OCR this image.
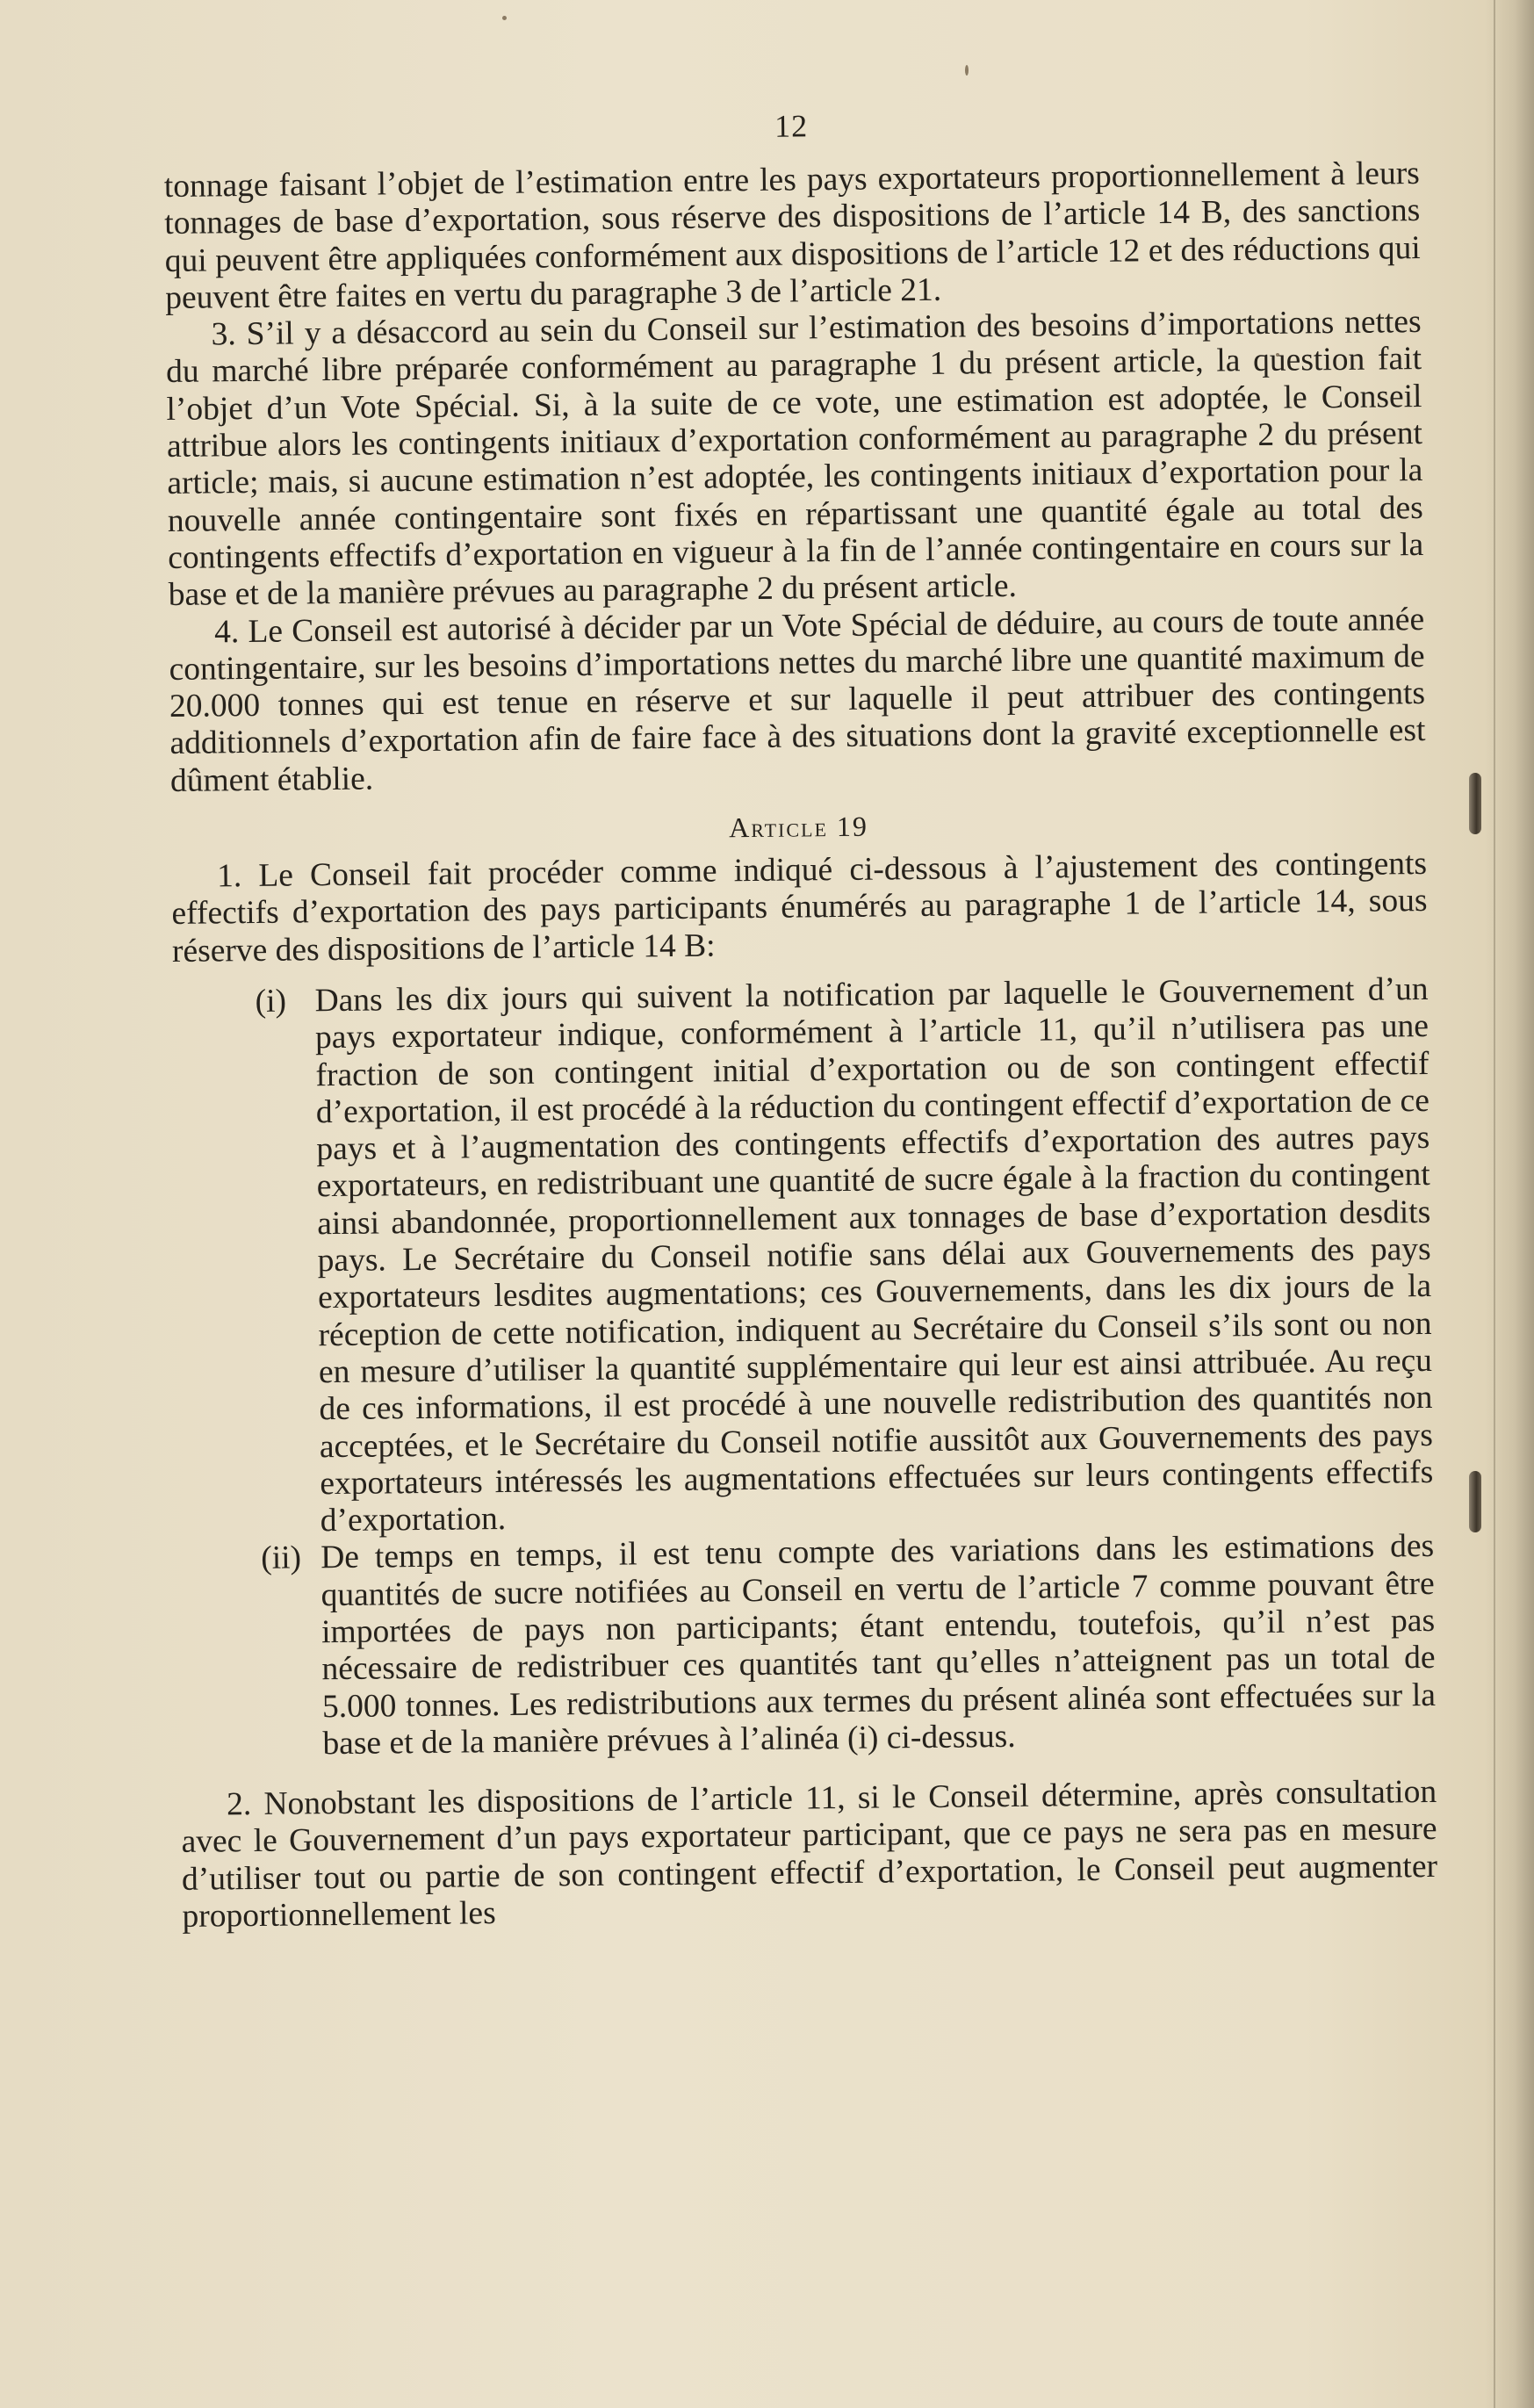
12

tonnage faisant l’objet de l’estimation entre les pays exportateurs proportionnellement à leurs tonnages de base d’exportation, sous réserve des dispositions de l’article 14 B, des sanctions qui peuvent être appliquées conformément aux dispositions de l’article 12 et des réductions qui peuvent être faites en vertu du paragraphe 3 de l’article 21.

3. S’il y a désaccord au sein du Conseil sur l’estimation des besoins d’importations nettes du marché libre préparée conformément au paragraphe 1 du présent article, la question fait l’objet d’un Vote Spécial. Si, à la suite de ce vote, une estimation est adoptée, le Conseil attribue alors les contingents initiaux d’exportation conformément au paragraphe 2 du présent article; mais, si aucune estimation n’est adoptée, les contingents initiaux d’exportation pour la nouvelle année contingentaire sont fixés en répartissant une quantité égale au total des contingents effectifs d’exportation en vigueur à la fin de l’année contingentaire en cours sur la base et de la manière prévues au paragraphe 2 du présent article.

4. Le Conseil est autorisé à décider par un Vote Spécial de déduire, au cours de toute année contingentaire, sur les besoins d’importations nettes du marché libre une quantité maximum de 20.000 tonnes qui est tenue en réserve et sur laquelle il peut attribuer des contingents additionnels d’exportation afin de faire face à des situations dont la gravité exceptionnelle est dûment établie.

Article 19

1. Le Conseil fait procéder comme indiqué ci-dessous à l’ajustement des contingents effectifs d’exportation des pays participants énumérés au paragraphe 1 de l’article 14, sous réserve des dispositions de l’article 14 B:

(i) Dans les dix jours qui suivent la notification par laquelle le Gouvernement d’un pays exportateur indique, conformément à l’article 11, qu’il n’utilisera pas une fraction de son contingent initial d’exportation ou de son contingent effectif d’exportation, il est procédé à la réduction du contingent effectif d’exportation de ce pays et à l’augmentation des contingents effectifs d’exportation des autres pays exportateurs, en redistribuant une quantité de sucre égale à la fraction du contingent ainsi abandonnée, proportionnellement aux tonnages de base d’exportation desdits pays. Le Secrétaire du Conseil notifie sans délai aux Gouvernements des pays exportateurs lesdites augmentations; ces Gouvernements, dans les dix jours de la réception de cette notification, indiquent au Secrétaire du Conseil s’ils sont ou non en mesure d’utiliser la quantité supplémentaire qui leur est ainsi attribuée. Au reçu de ces informations, il est procédé à une nouvelle redistribution des quantités non acceptées, et le Secrétaire du Conseil notifie aussitôt aux Gouvernements des pays exportateurs intéressés les augmentations effectuées sur leurs contingents effectifs d’exportation.

(ii) De temps en temps, il est tenu compte des variations dans les estimations des quantités de sucre notifiées au Conseil en vertu de l’article 7 comme pouvant être importées de pays non participants; étant entendu, toutefois, qu’il n’est pas nécessaire de redistribuer ces quantités tant qu’elles n’atteignent pas un total de 5.000 tonnes. Les redistributions aux termes du présent alinéa sont effectuées sur la base et de la manière prévues à l’alinéa (i) ci-dessus.

2. Nonobstant les dispositions de l’article 11, si le Conseil détermine, après consultation avec le Gouvernement d’un pays exportateur participant, que ce pays ne sera pas en mesure d’utiliser tout ou partie de son contingent effectif d’exportation, le Conseil peut augmenter proportionnellement les
